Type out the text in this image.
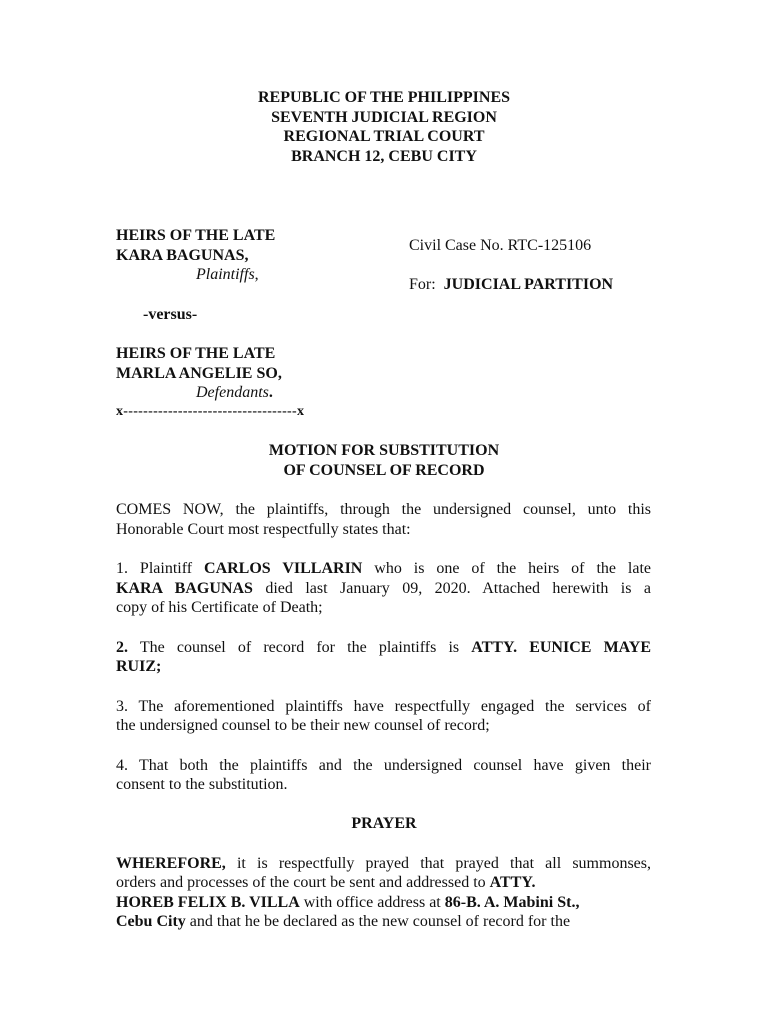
REPUBLIC OF THE PHILIPPINES
SEVENTH JUDICIAL REGION
REGIONAL TRIAL COURT
BRANCH 12, CEBU CITY
HEIRS OF THE LATE
KARA BAGUNAS,
Plaintiffs,
-versus-
HEIRS OF THE LATE
MARLA ANGELIE SO,
Defendants.
x-----------------------------------x
Civil Case No. RTC-125106
For: JUDICIAL PARTITION
MOTION FOR SUBSTITUTION
OF COUNSEL OF RECORD
COMES NOW, the plaintiffs, through the undersigned counsel, unto this
Honorable Court most respectfully states that:
1. Plaintiff CARLOS VILLARIN who is one of the heirs of the late
KARA BAGUNAS died last January 09, 2020. Attached herewith is a
copy of his Certificate of Death;
2. The counsel of record for the plaintiffs is ATTY. EUNICE MAYE
RUIZ;
3. The aforementioned plaintiffs have respectfully engaged the services of
the undersigned counsel to be their new counsel of record;
4. That both the plaintiffs and the undersigned counsel have given their
consent to the substitution.
PRAYER
WHEREFORE, it is respectfully prayed that prayed that all summonses,
orders and processes of the court be sent and addressed to ATTY.
HOREB FELIX B. VILLA with office address at 86-B. A. Mabini St.,
Cebu City and that he be declared as the new counsel of record for the
